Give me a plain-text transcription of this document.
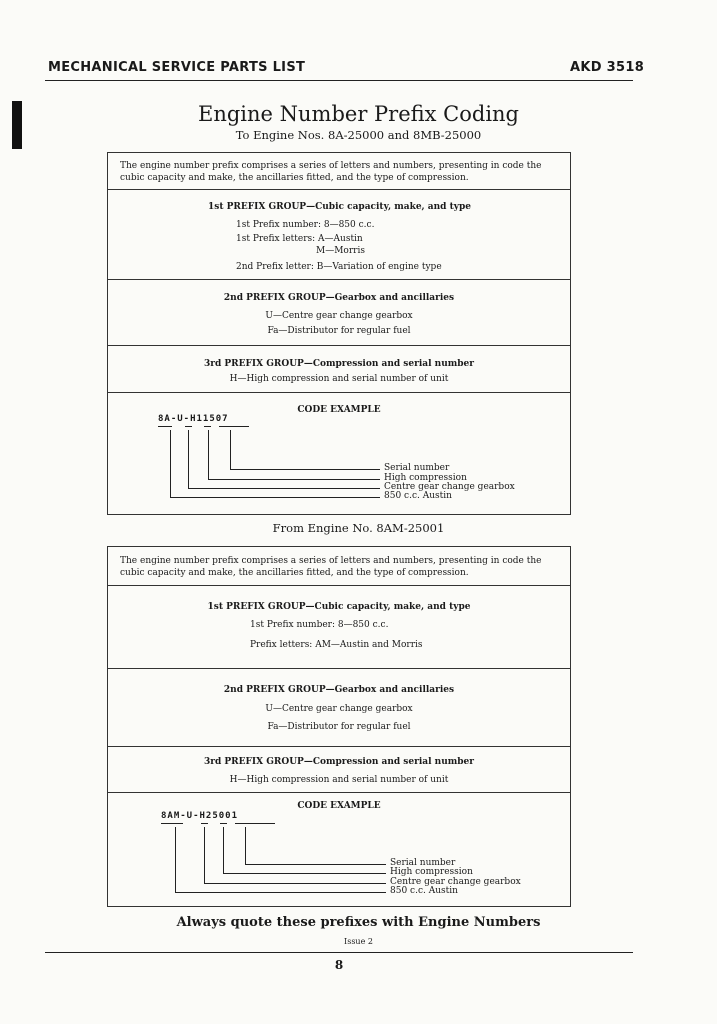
MECHANICAL SERVICE PARTS LIST	AKD 3518
Engine Number Prefix Coding
To Engine Nos. 8A-25000 and 8MB-25000
The engine number prefix comprises a series of letters and numbers, presenting in code the
cubic capacity and make, the ancillaries fitted, and the type of compression.
1st PREFIX GROUP—Cubic capacity, make, and type
1st Prefix number: 8—850 c.c.
1st Prefix letters: A—Austin
M—Morris
2nd Prefix letter: B—Variation of engine type
2nd PREFIX GROUP—Gearbox and ancillaries
U—Centre gear change gearbox
Fa—Distributor for regular fuel
3rd PREFIX GROUP—Compression and serial number
H—High compression and serial number of unit
CODE EXAMPLE
8A-U-H11507
Serial number
High compression
Centre gear change gearbox
850 c.c. Austin
From Engine No. 8AM-25001
The engine number prefix comprises a series of letters and numbers, presenting in code the
cubic capacity and make, the ancillaries fitted, and the type of compression.
1st PREFIX GROUP—Cubic capacity, make, and type
1st Prefix number: 8—850 c.c.
Prefix letters: AM—Austin and Morris
2nd PREFIX GROUP—Gearbox and ancillaries
U—Centre gear change gearbox
Fa—Distributor for regular fuel
3rd PREFIX GROUP—Compression and serial number
H—High compression and serial number of unit
CODE EXAMPLE
8AM-U-H25001
Serial number
High compression
Centre gear change gearbox
850 c.c. Austin
Always quote these prefixes with Engine Numbers
Issue 2
8
